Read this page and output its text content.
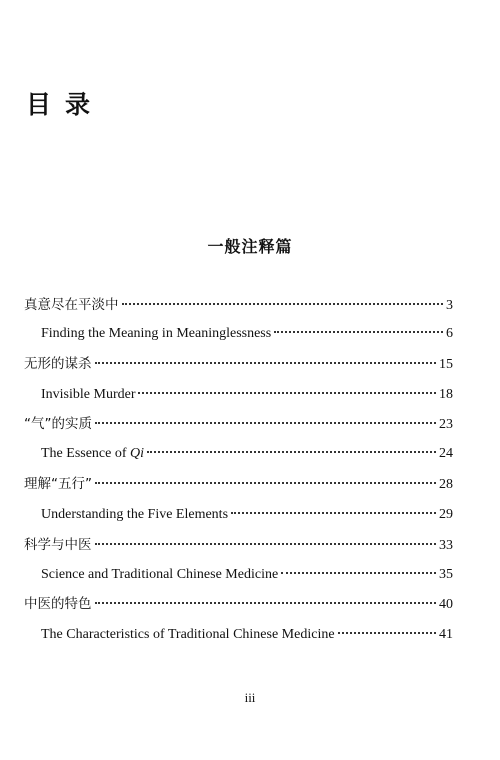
目录
一般注释篇
真意尽在平淡中	3
Finding the Meaning in Meaninglessness	6
无形的谋杀	15
Invisible Murder	18
“气”的实质	23
The Essence of Qi	24
理解“五行”	28
Understanding the Five Elements	29
科学与中医	33
Science and Traditional Chinese Medicine	35
中医的特色	40
The Characteristics of Traditional Chinese Medicine	41
iii
